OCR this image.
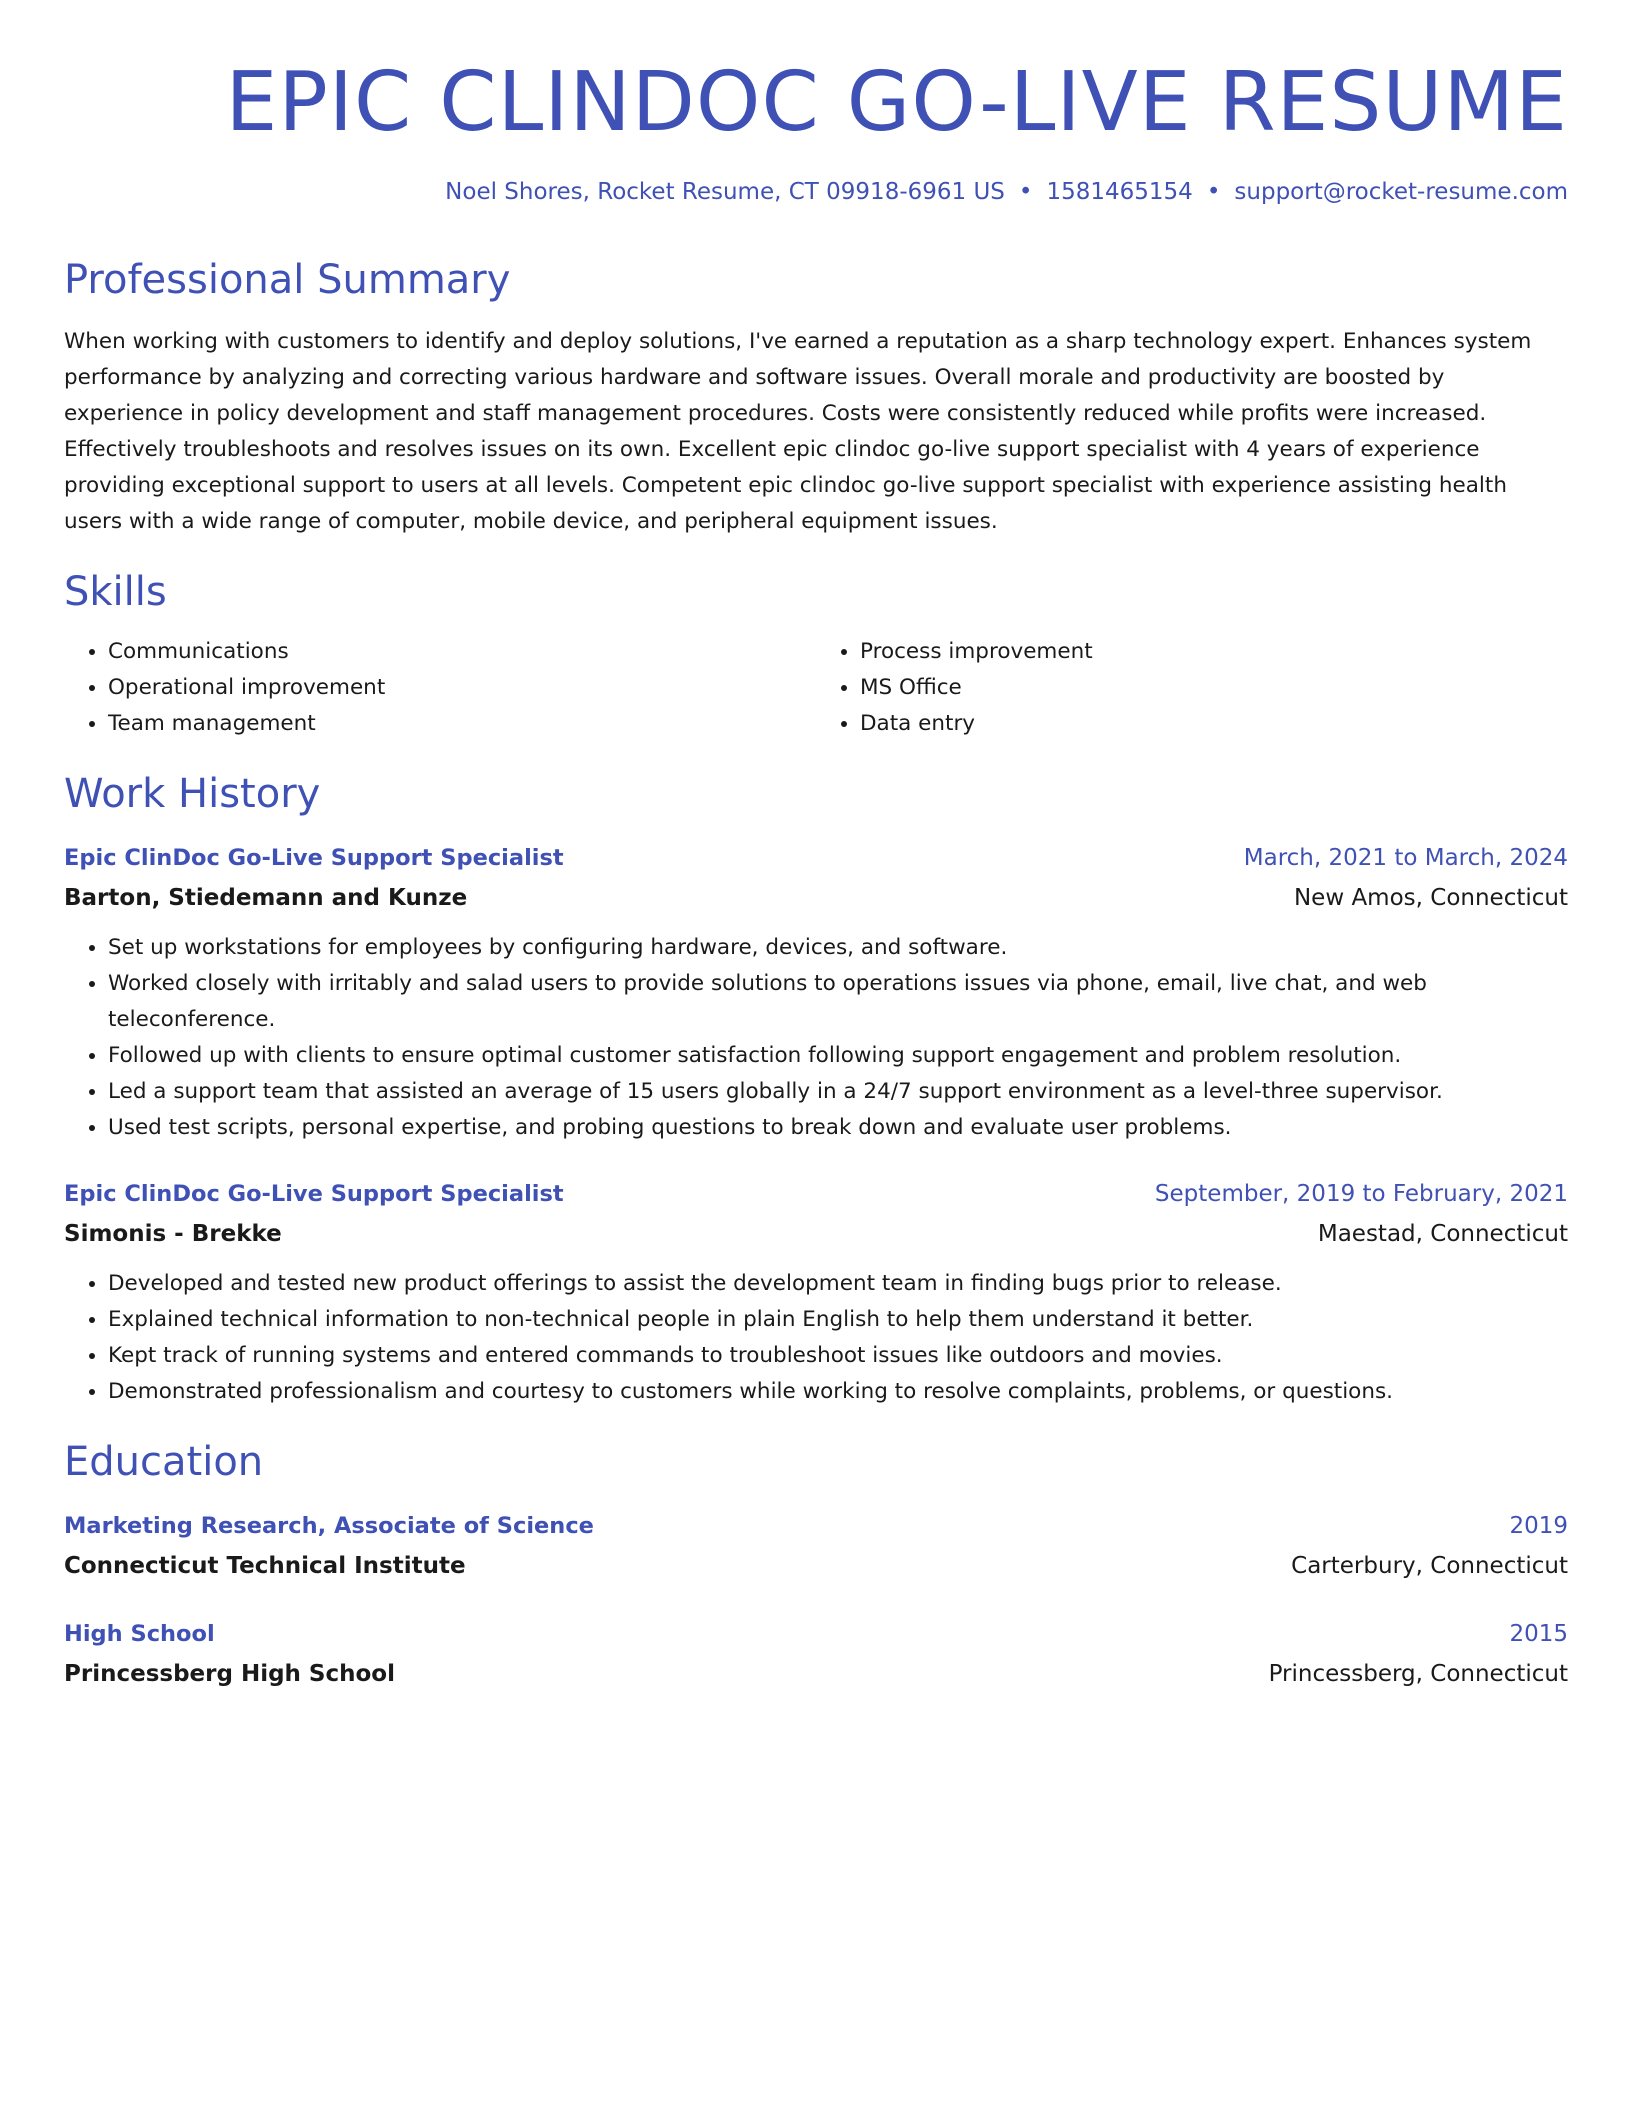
EPIC CLINDOC GO-LIVE RESUME
Noel Shores, Rocket Resume, CT 09918-6961 US • 1581465154 • support@rocket-resume.com
Professional Summary

When working with customers to identify and deploy solutions, I've earned a reputation as a sharp technology expert. Enhances system performance by analyzing and correcting various hardware and software issues. Overall morale and productivity are boosted by experience in policy development and staff management procedures. Costs were consistently reduced while profits were increased. Effectively troubleshoots and resolves issues on its own. Excellent epic clindoc go-live support specialist with 4 years of experience providing exceptional support to users at all levels. Competent epic clindoc go-live support specialist with experience assisting health users with a wide range of computer, mobile device, and peripheral equipment issues.

Skills
• Communications
• Operational improvement
• Team management
• Process improvement
• MS Office
• Data entry
Work History
Epic ClinDoc Go-Live Support Specialist	March, 2021 to March, 2024
Barton, Stiedemann and Kunze	New Amos, Connecticut
• Set up workstations for employees by configuring hardware, devices, and software.
• Worked closely with irritably and salad users to provide solutions to operations issues via phone, email, live chat, and web teleconference.
• Followed up with clients to ensure optimal customer satisfaction following support engagement and problem resolution.
• Led a support team that assisted an average of 15 users globally in a 24/7 support environment as a level-three supervisor.
• Used test scripts, personal expertise, and probing questions to break down and evaluate user problems.
Epic ClinDoc Go-Live Support Specialist	September, 2019 to February, 2021
Simonis - Brekke	Maestad, Connecticut
• Developed and tested new product offerings to assist the development team in finding bugs prior to release.
• Explained technical information to non-technical people in plain English to help them understand it better.
• Kept track of running systems and entered commands to troubleshoot issues like outdoors and movies.
• Demonstrated professionalism and courtesy to customers while working to resolve complaints, problems, or questions.
Education
Marketing Research, Associate of Science	2019
Connecticut Technical Institute	Carterbury, Connecticut
High School	2015
Princessberg High School	Princessberg, Connecticut
